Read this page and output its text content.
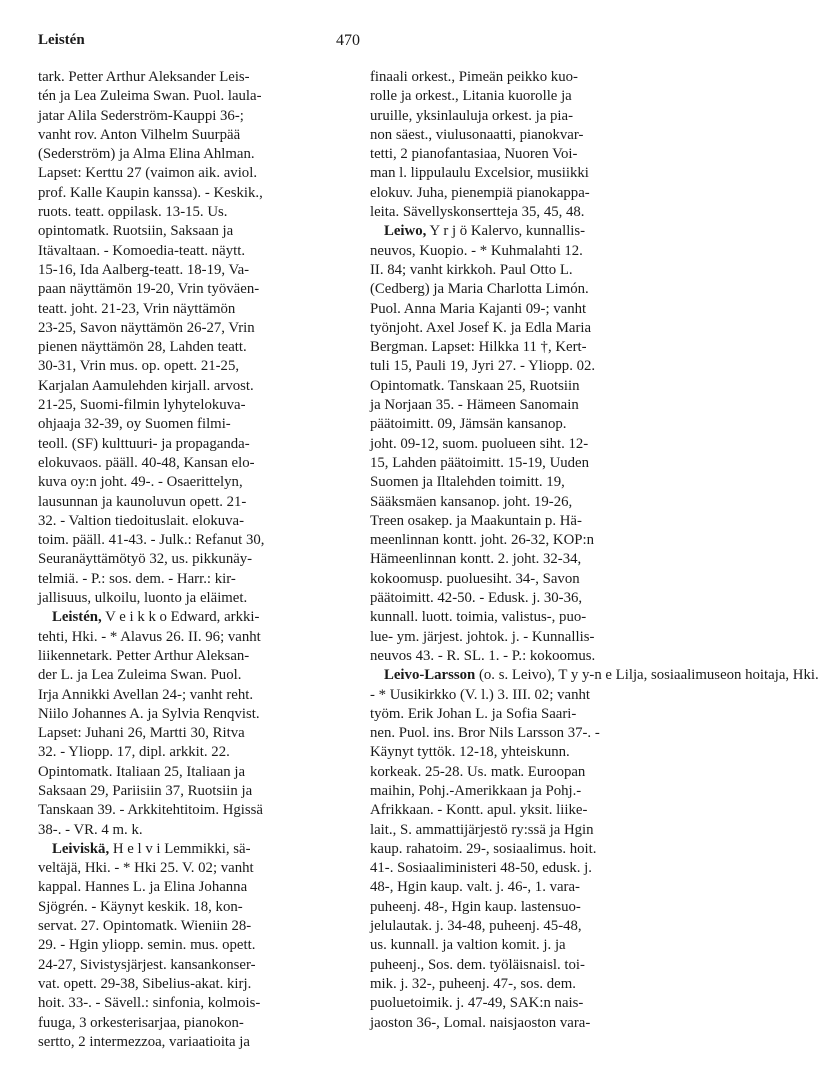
Leistén	470
tark. Petter Arthur Aleksander Leis-
tén ja Lea Zuleima Swan. Puol. laula-
jatar Alila Sederström-Kauppi 36-;
vanht rov. Anton Vilhelm Suurpää
(Sederström) ja Alma Elina Ahlman.
Lapset: Kerttu 27 (vaimon aik. aviol.
prof. Kalle Kaupin kanssa). - Keskik.,
ruots. teatt. oppilask. 13-15. Us.
opintomatk. Ruotsiin, Saksaan ja
Itävaltaan. - Komoedia-teatt. näytt.
15-16, Ida Aalberg-teatt. 18-19, Va-
paan näyttämön 19-20, Vrin työväen-
teatt. joht. 21-23, Vrin näyttämön
23-25, Savon näyttämön 26-27, Vrin
pienen näyttämön 28, Lahden teatt.
30-31, Vrin mus. op. opett. 21-25,
Karjalan Aamulehden kirjall. arvost.
21-25, Suomi-filmin lyhytelokuva-
ohjaaja 32-39, oy Suomen filmi-
teoll. (SF) kulttuuri- ja propaganda-
elokuvaos. pääll. 40-48, Kansan elo-
kuva oy:n joht. 49-. - Osaerittelyn,
lausunnan ja kaunoluvun opett. 21-
32. - Valtion tiedoituslait. elokuva-
toim. pääll. 41-43. - Julk.: Refanut 30,
Seuranäyttämötyö 32, us. pikkunäy-
telmiä. - P.: sos. dem. - Harr.: kir-
jallisuus, ulkoilu, luonto ja eläimet.
Leistén, V e i k k o Edward, arkki-
tehti, Hki. - * Alavus 26. II. 96; vanht
liikennetark. Petter Arthur Aleksan-
der L. ja Lea Zuleima Swan. Puol.
Irja Annikki Avellan 24-; vanht reht.
Niilo Johannes A. ja Sylvia Renqvist.
Lapset: Juhani 26, Martti 30, Ritva
32. - Yliopp. 17, dipl. arkkit. 22.
Opintomatk. Italiaan 25, Italiaan ja
Saksaan 29, Pariisiin 37, Ruotsiin ja
Tanskaan 39. - Arkkitehtitoim. Hgissä
38-. - VR. 4 m. k.
Leiviskä, H e l v i Lemmikki, sä-
veltäjä, Hki. - * Hki 25. V. 02; vanht
kappal. Hannes L. ja Elina Johanna
Sjögrén. - Käynyt keskik. 18, kon-
servat. 27. Opintomatk. Wieniin 28-
29. - Hgin yliopp. semin. mus. opett.
24-27, Sivistysjärjest. kansankonser-
vat. opett. 29-38, Sibelius-akat. kirj.
hoit. 33-. - Sävell.: sinfonia, kolmois-
fuuga, 3 orkesterisarjaa, pianokon-
sertto, 2 intermezzoa, variaatioita ja
finaali orkest., Pimeän peikko kuo-
rolle ja orkest., Litania kuorolle ja
uruille, yksinlauluja orkest. ja pia-
non säest., viulusonaatti, pianokvar-
tetti, 2 pianofantasiaa, Nuoren Voi-
man l. lippulaulu Excelsior, musiikki
elokuv. Juha, pienempiä pianokappa-
leita. Sävellyskonsertteja 35, 45, 48.
Leiwo, Y r j ö Kalervo, kunnallis-
neuvos, Kuopio. - * Kuhmalahti 12.
II. 84; vanht kirkkoh. Paul Otto L.
(Cedberg) ja Maria Charlotta Limón.
Puol. Anna Maria Kajanti 09-; vanht
työnjoht. Axel Josef K. ja Edla Maria
Bergman. Lapset: Hilkka 11 †, Kert-
tuli 15, Pauli 19, Jyri 27. - Yliopp. 02.
Opintomatk. Tanskaan 25, Ruotsiin
ja Norjaan 35. - Hämeen Sanomain
päätoimitt. 09, Jämsän kansanop.
joht. 09-12, suom. puolueen siht. 12-
15, Lahden päätoimitt. 15-19, Uuden
Suomen ja Iltalehden toimitt. 19,
Sääksmäen kansanop. joht. 19-26,
Treen osakep. ja Maakuntain p. Hä-
meenlinnan kontt. joht. 26-32, KOP:n
Hämeenlinnan kontt. 2. joht. 32-34,
kokoomusp. puoluesiht. 34-, Savon
päätoimitt. 42-50. - Edusk. j. 30-36,
kunnall. luott. toimia, valistus-, puo-
lue- ym. järjest. johtok. j. - Kunnallis-
neuvos 43. - R. SL. 1. - P.: kokoomus.
Leivo-Larsson (o. s. Leivo), T y y-n e Lilja, sosiaalimuseon hoitaja, Hki.
- * Uusikirkko (V. l.) 3. III. 02; vanht
työm. Erik Johan L. ja Sofia Saari-
nen. Puol. ins. Bror Nils Larsson 37-. -
Käynyt tyttök. 12-18, yhteiskunn.
korkeak. 25-28. Us. matk. Euroopan
maihin, Pohj.-Amerikkaan ja Pohj.-
Afrikkaan. - Kontt. apul. yksit. liike-
lait., S. ammattijärjestö ry:ssä ja Hgin
kaup. rahatoim. 29-, sosiaalimus. hoit.
41-. Sosiaaliministeri 48-50, edusk. j.
48-, Hgin kaup. valt. j. 46-, 1. vara-
puheenj. 48-, Hgin kaup. lastensuo-
jelulautak. j. 34-48, puheenj. 45-48,
us. kunnall. ja valtion komit. j. ja
puheenj., Sos. dem. työläisnaisl. toi-
mik. j. 32-, puheenj. 47-, sos. dem.
puoluetoimik. j. 47-49, SAK:n nais-
jaoston 36-, Lomal. naisjaoston vara-
